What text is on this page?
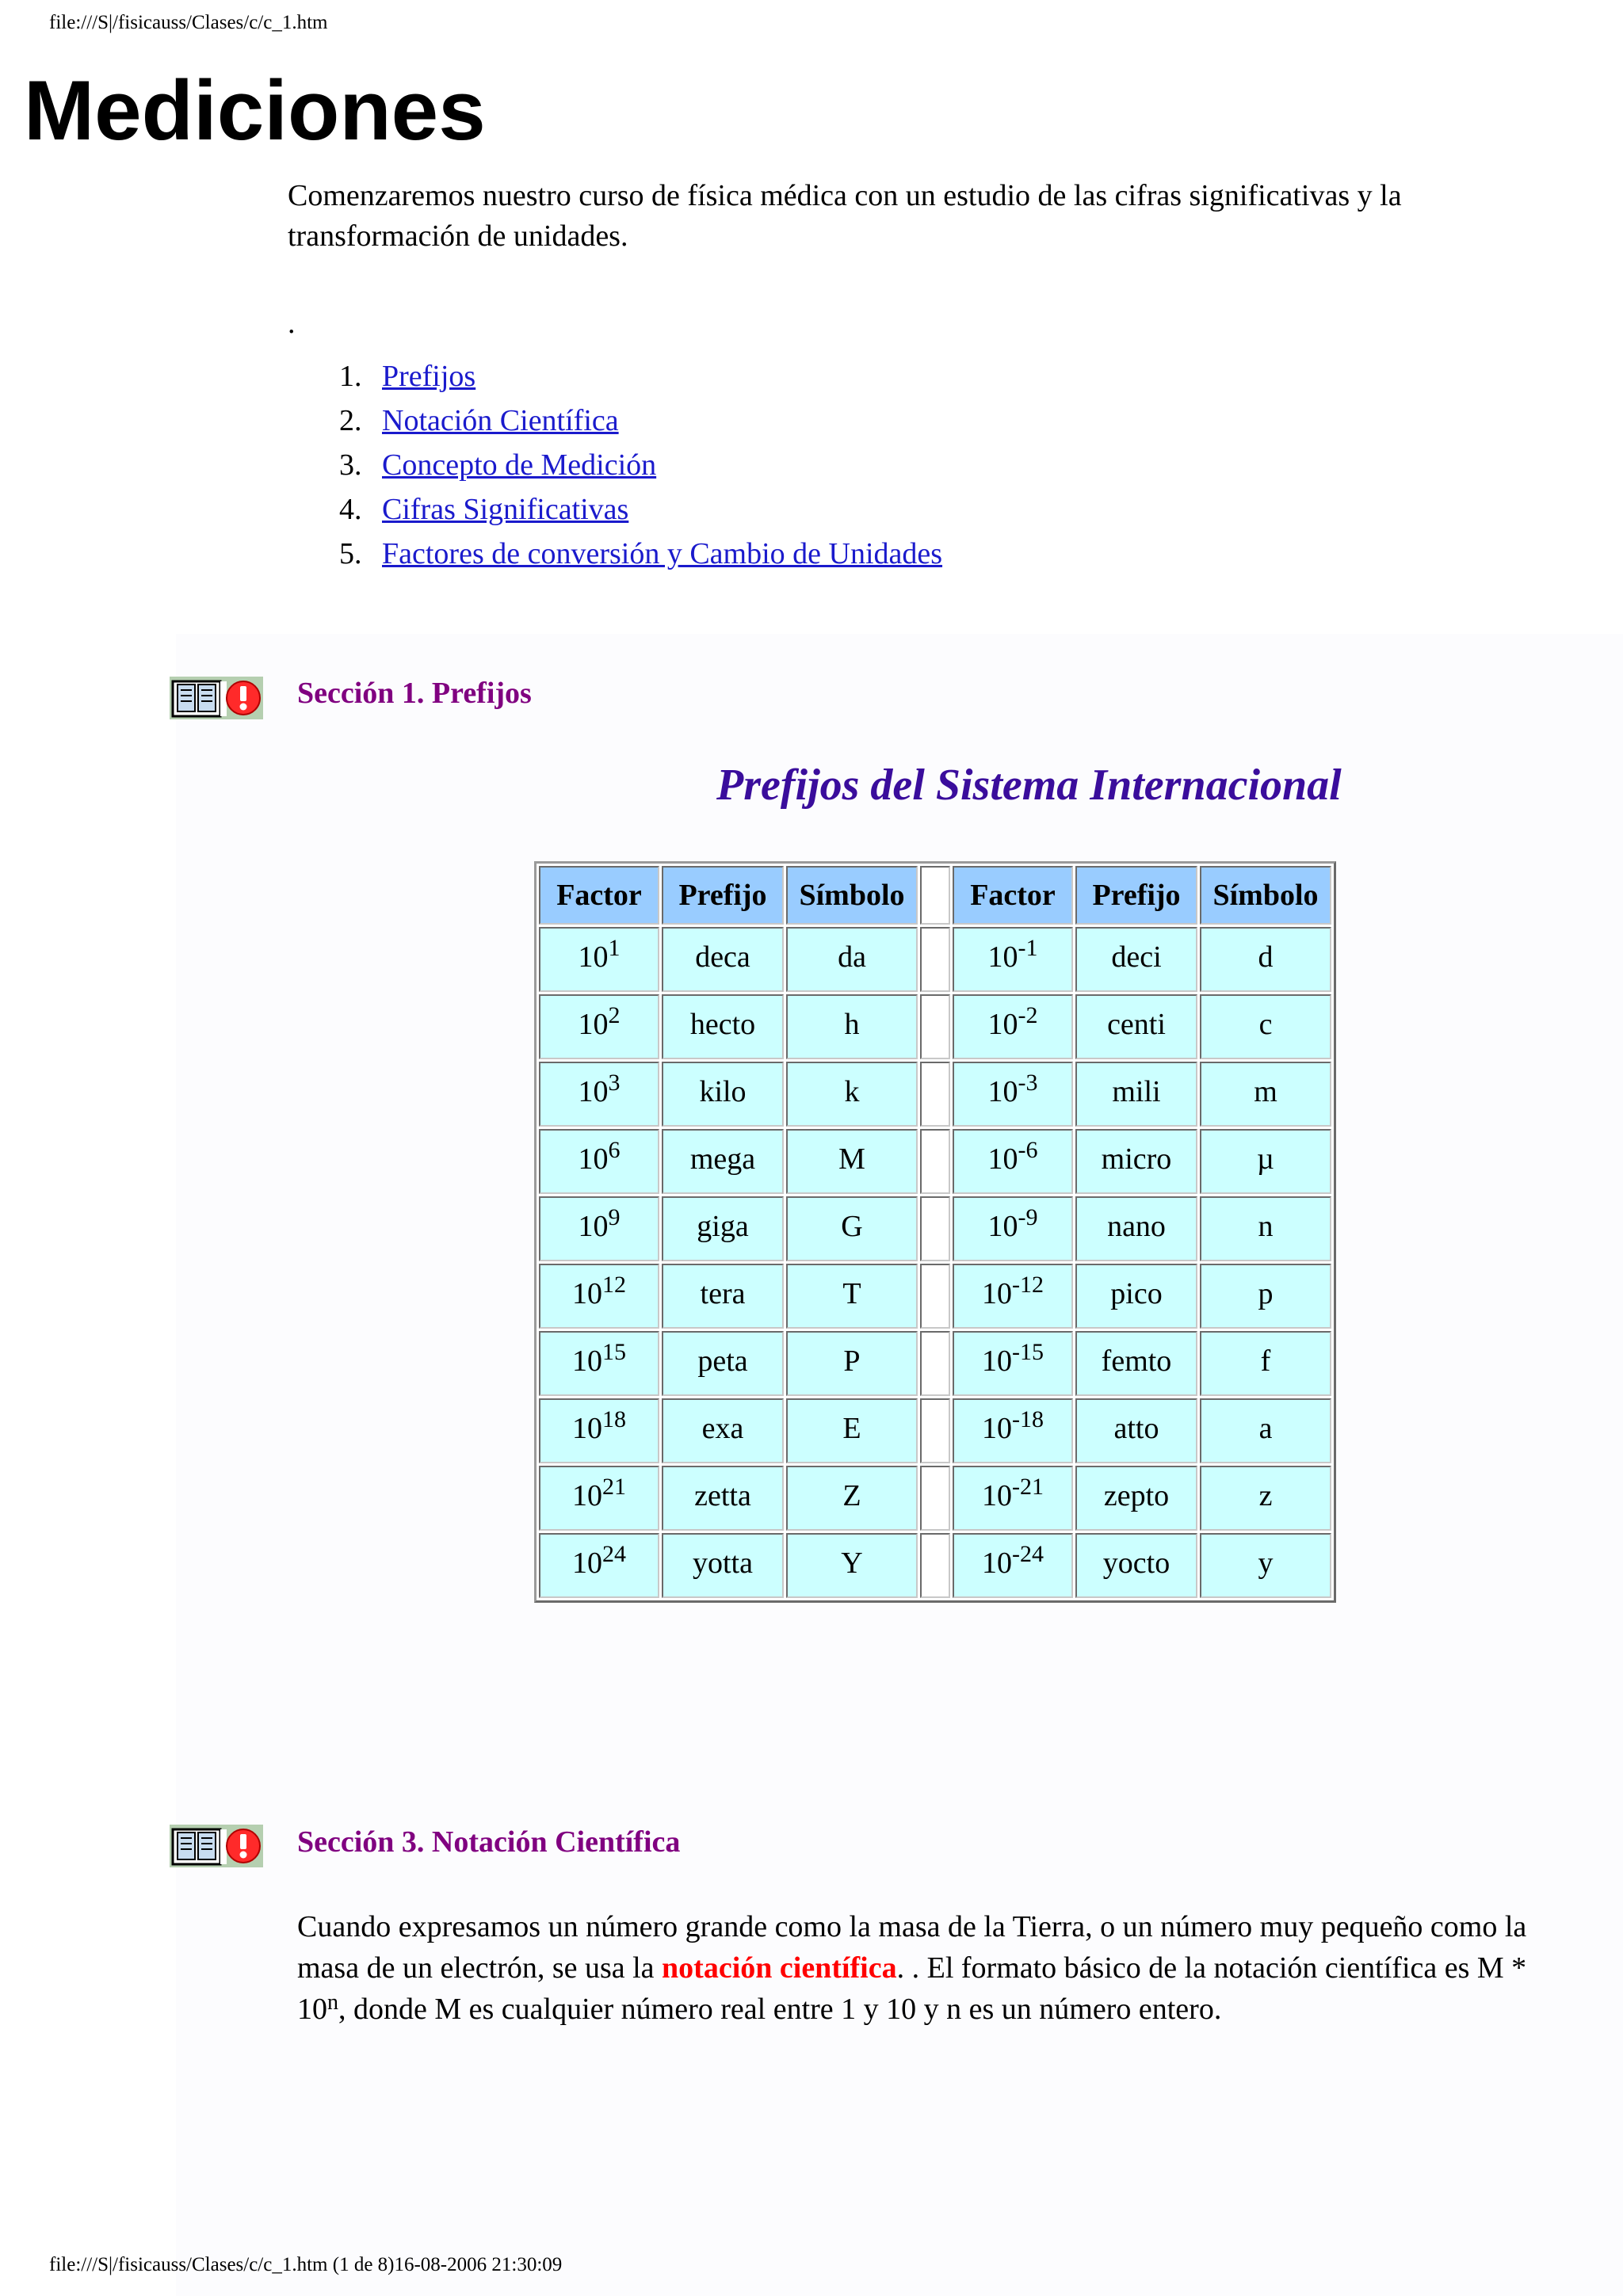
file:///S|/fisicauss/Clases/c/c_1.htm
Mediciones

Comenzaremos nuestro curso de física médica con un estudio de las cifras significativas y la transformación de unidades.

.
1. Prefijos
2. Notación Científica
3. Concepto de Medición
4. Cifras Significativas
5. Factores de conversión y Cambio de Unidades
Sección 1. Prefijos
Prefijos del Sistema Internacional
Factor	Prefijo	Símbolo		Factor	Prefijo	Símbolo
$10^1$	deca	da		$10^{-1}$	deci	d
$10^2$	hecto	h		$10^{-2}$	centi	c
$10^3$	kilo	k		$10^{-3}$	mili	m
$10^6$	mega	M		$10^{-6}$	micro	µ
$10^9$	giga	G		$10^{-9}$	nano	n
$10^{12}$	tera	T		$10^{-12}$	pico	p
$10^{15}$	peta	P		$10^{-15}$	femto	f
$10^{18}$	exa	E		$10^{-18}$	atto	a
$10^{21}$	zetta	Z		$10^{-21}$	zepto	z
$10^{24}$	yotta	Y		$10^{-24}$	yocto	y
Sección 3. Notación Científica

Cuando expresamos un número grande como la masa de la Tierra, o un número muy pequeño como la masa de un electrón, se usa la notación científica. . El formato básico de la notación científica es M * 10$^n$, donde M es cualquier número real entre 1 y 10 y n es un número entero.

file:///S|/fisicauss/Clases/c/c_1.htm (1 de 8)16-08-2006 21:30:09
